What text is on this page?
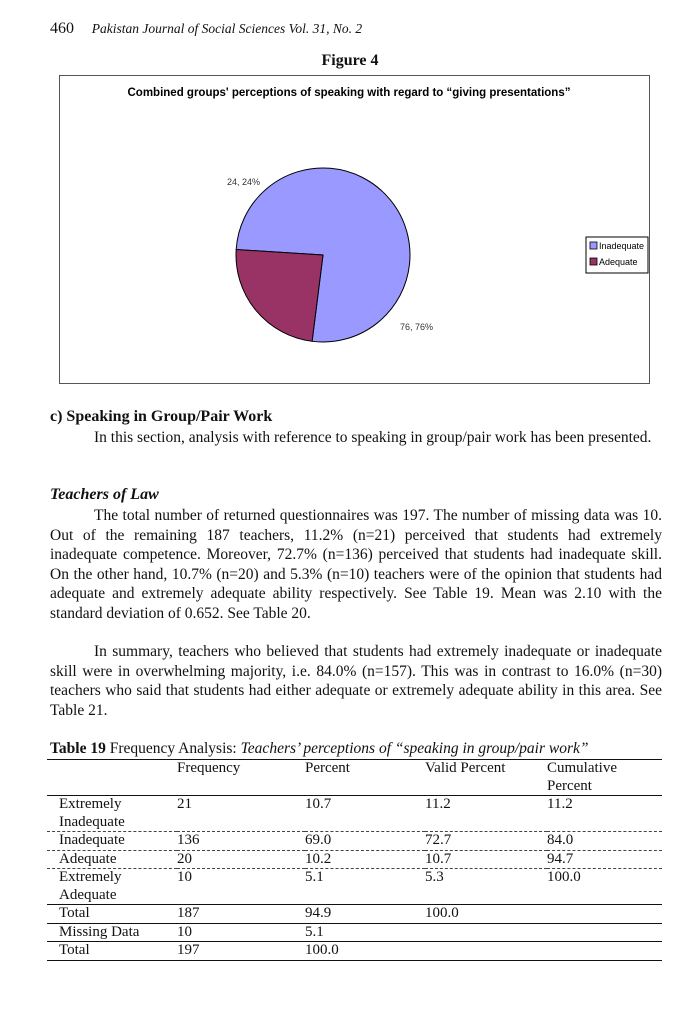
460 Pakistan Journal of Social Sciences Vol. 31, No. 2
Figure 4
Combined groups' perceptions of speaking with regard to “giving presentations”
76, 76%
24, 24%
Inadequate
Adequate
c) Speaking in Group/Pair Work

In this section, analysis with reference to speaking in group/pair work has been presented.

Teachers of Law

The total number of returned questionnaires was 197. The number of missing data was 10. Out of the remaining 187 teachers, 11.2% (n=21) perceived that students had extremely inadequate competence. Moreover, 72.7% (n=136) perceived that students had inadequate skill. On the other hand, 10.7% (n=20) and 5.3% (n=10) teachers were of the opinion that students had adequate and extremely adequate ability respectively. See Table 19. Mean was 2.10 with the standard deviation of 0.652. See Table 20.

In summary, teachers who believed that students had extremely inadequate or inadequate skill were in overwhelming majority, i.e. 84.0% (n=157). This was in contrast to 16.0% (n=30) teachers who said that students had either adequate or extremely adequate ability in this area. See Table 21.

Table 19 Frequency Analysis: Teachers’ perceptions of “speaking in group/pair work”
	Frequency	Percent	Valid Percent	Cumulative Percent
Extremely Inadequate	21	10.7	11.2	11.2
Inadequate	136	69.0	72.7	84.0
Adequate	20	10.2	10.7	94.7
Extremely Adequate	10	5.1	5.3	100.0
Total	187	94.9	100.0	
Missing Data	10	5.1		
Total	197	100.0		
